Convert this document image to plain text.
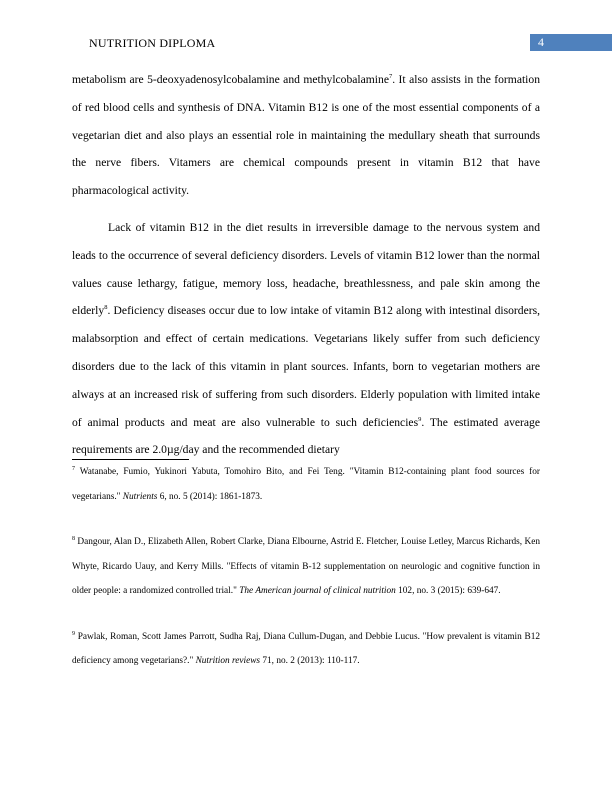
NUTRITION DIPLOMA	4

metabolism are 5-deoxyadenosylcobalamine and methylcobalamine$^7$. It also assists in the formation of red blood cells and synthesis of DNA. Vitamin B12 is one of the most essential components of a vegetarian diet and also plays an essential role in maintaining the medullary sheath that surrounds the nerve fibers. Vitamers are chemical compounds present in vitamin B12 that have pharmacological activity.

Lack of vitamin B12 in the diet results in irreversible damage to the nervous system and leads to the occurrence of several deficiency disorders. Levels of vitamin B12 lower than the normal values cause lethargy, fatigue, memory loss, headache, breathlessness, and pale skin among the elderly$^8$. Deficiency diseases occur due to low intake of vitamin B12 along with intestinal disorders, malabsorption and effect of certain medications. Vegetarians likely suffer from such deficiency disorders due to the lack of this vitamin in plant sources. Infants, born to vegetarian mothers are always at an increased risk of suffering from such disorders. Elderly population with limited intake of animal products and meat are also vulnerable to such deficiencies$^9$. The estimated average requirements are 2.0µg/day and the recommended dietary

$^7$ Watanabe, Fumio, Yukinori Yabuta, Tomohiro Bito, and Fei Teng. "Vitamin B12-containing plant food sources for vegetarians." Nutrients 6, no. 5 (2014): 1861-1873.

$^8$ Dangour, Alan D., Elizabeth Allen, Robert Clarke, Diana Elbourne, Astrid E. Fletcher, Louise Letley, Marcus Richards, Ken Whyte, Ricardo Uauy, and Kerry Mills. "Effects of vitamin B-12 supplementation on neurologic and cognitive function in older people: a randomized controlled trial." The American journal of clinical nutrition 102, no. 3 (2015): 639-647.

$^9$ Pawlak, Roman, Scott James Parrott, Sudha Raj, Diana Cullum-Dugan, and Debbie Lucus. "How prevalent is vitamin B12 deficiency among vegetarians?." Nutrition reviews 71, no. 2 (2013): 110-117.
